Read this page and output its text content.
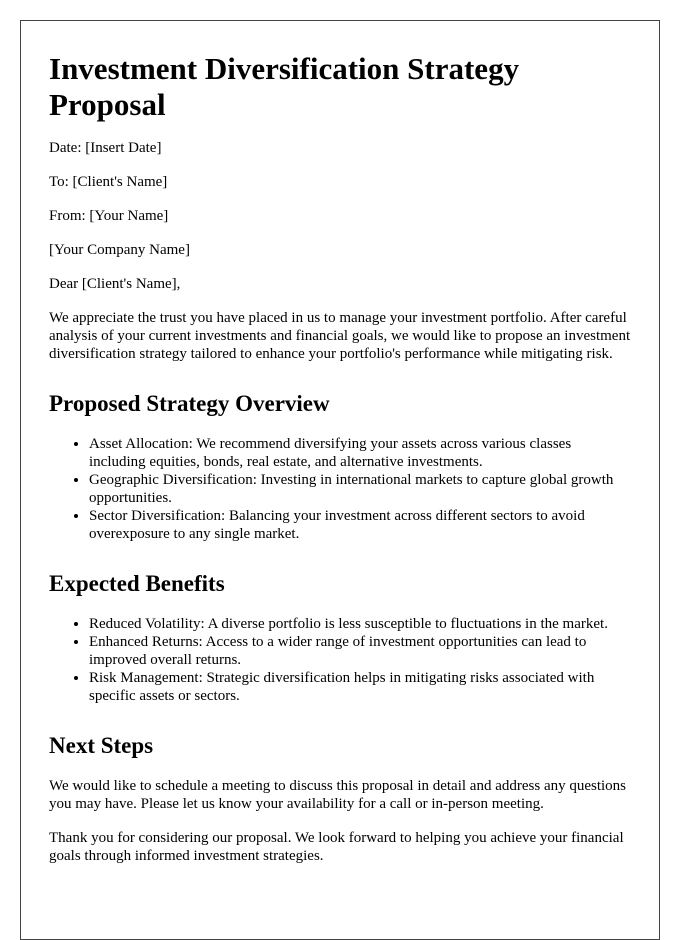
Investment Diversification Strategy Proposal

Date: [Insert Date]

To: [Client's Name]

From: [Your Name]

[Your Company Name]

Dear [Client's Name],

We appreciate the trust you have placed in us to manage your investment portfolio. After careful analysis of your current investments and financial goals, we would like to propose an investment diversification strategy tailored to enhance your portfolio's performance while mitigating risk.

Proposed Strategy Overview
• Asset Allocation: We recommend diversifying your assets across various classes including equities, bonds, real estate, and alternative investments.
• Geographic Diversification: Investing in international markets to capture global growth opportunities.
• Sector Diversification: Balancing your investment across different sectors to avoid overexposure to any single market.
Expected Benefits
• Reduced Volatility: A diverse portfolio is less susceptible to fluctuations in the market.
• Enhanced Returns: Access to a wider range of investment opportunities can lead to improved overall returns.
• Risk Management: Strategic diversification helps in mitigating risks associated with specific assets or sectors.
Next Steps

We would like to schedule a meeting to discuss this proposal in detail and address any questions you may have. Please let us know your availability for a call or in-person meeting.

Thank you for considering our proposal. We look forward to helping you achieve your financial goals through informed investment strategies.
